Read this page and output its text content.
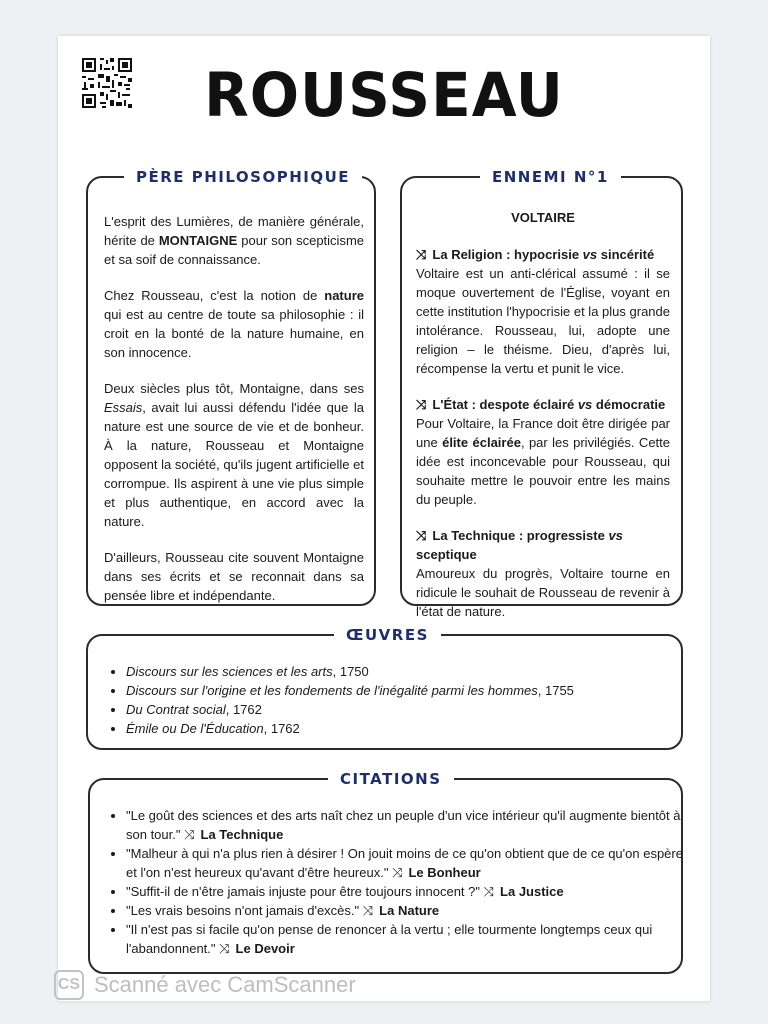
ROUSSEAU
PÈRE PHILOSOPHIQUE

L'esprit des Lumières, de manière générale, hérite de MONTAIGNE pour son scepticisme et sa soif de connaissance.

Chez Rousseau, c'est la notion de nature qui est au centre de toute sa philosophie : il croit en la bonté de la nature humaine, en son innocence.

Deux siècles plus tôt, Montaigne, dans ses Essais, avait lui aussi défendu l'idée que la nature est une source de vie et de bonheur. À la nature, Rousseau et Montaigne opposent la société, qu'ils jugent artificielle et corrompue. Ils aspirent à une vie plus simple et plus authentique, en accord avec la nature.

D'ailleurs, Rousseau cite souvent Montaigne dans ses écrits et se reconnait dans sa pensée libre et indépendante.

ENNEMI N°1
VOLTAIRE

⤨ La Religion : hypocrisie vs sincérité

Voltaire est un anti-clérical assumé : il se moque ouvertement de l'Église, voyant en cette institution l'hypocrisie et la plus grande intolérance. Rousseau, lui, adopte une religion – le théisme. Dieu, d'après lui, récompense la vertu et punit le vice.

⤨ L'État : despote éclairé vs démocratie

Pour Voltaire, la France doit être dirigée par une élite éclairée, par les privilégiés. Cette idée est inconcevable pour Rousseau, qui souhaite mettre le pouvoir entre les mains du peuple.

⤨ La Technique : progressiste vs sceptique

Amoureux du progrès, Voltaire tourne en ridicule le souhait de Rousseau de revenir à l'état de nature.

ŒUVRES
• Discours sur les sciences et les arts, 1750
• Discours sur l'origine et les fondements de l'inégalité parmi les hommes, 1755
• Du Contrat social, 1762
• Émile ou De l'Éducation, 1762
CITATIONS
• "Le goût des sciences et des arts naît chez un peuple d'un vice intérieur qu'il augmente bientôt à son tour." ⤨ La Technique
• "Malheur à qui n'a plus rien à désirer ! On jouit moins de ce qu'on obtient que de ce qu'on espère et l'on n'est heureux qu'avant d'être heureux." ⤨ Le Bonheur
• "Suffit-il de n'être jamais injuste pour être toujours innocent ?" ⤨ La Justice
• "Les vrais besoins n'ont jamais d'excès." ⤨ La Nature
• "Il n'est pas si facile qu'on pense de renoncer à la vertu ; elle tourmente longtemps ceux qui l'abandonnent." ⤨ Le Devoir
CS Scanné avec CamScanner
